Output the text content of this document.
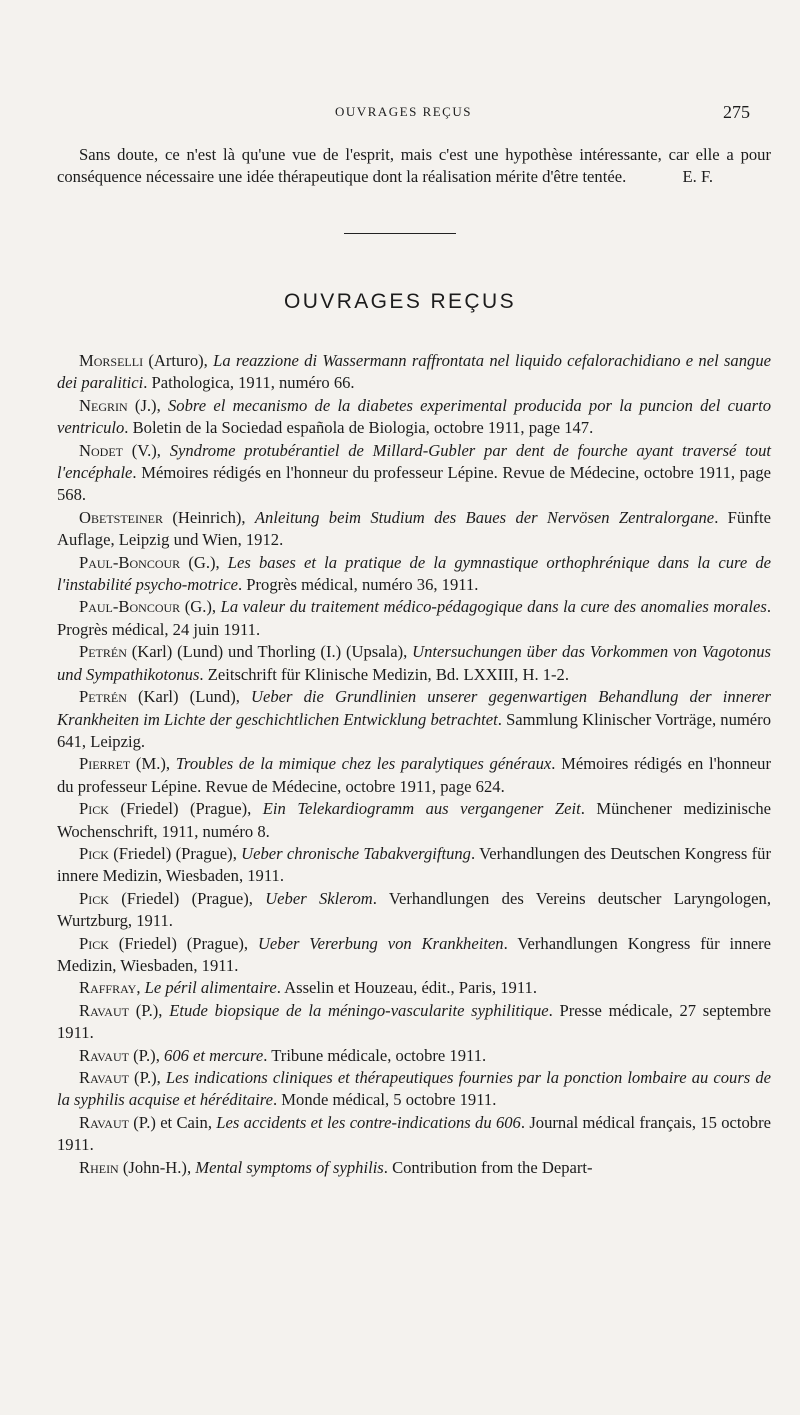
OUVRAGES REÇUS	275
Sans doute, ce n'est là qu'une vue de l'esprit, mais c'est une hypothèse intéressante, car elle a pour conséquence nécessaire une idée thérapeutique dont la réalisation mérite d'être tentée.	E. F.
OUVRAGES REÇUS

Morselli (Arturo), La reazzione di Wassermann raffrontata nel liquido cefalorachidiano e nel sangue dei paralitici. Pathologica, 1911, numéro 66.

Negrin (J.), Sobre el mecanismo de la diabetes experimental producida por la puncion del cuarto ventriculo. Boletin de la Sociedad española de Biologia, octobre 1911, page 147.

Nodet (V.), Syndrome protubérantiel de Millard-Gubler par dent de fourche ayant traversé tout l'encéphale. Mémoires rédigés en l'honneur du professeur Lépine. Revue de Médecine, octobre 1911, page 568.

Obetsteiner (Heinrich), Anleitung beim Studium des Baues der Nervösen Zentralorgane. Fünfte Auflage, Leipzig und Wien, 1912.

Paul-Boncour (G.), Les bases et la pratique de la gymnastique orthophrénique dans la cure de l'instabilité psycho-motrice. Progrès médical, numéro 36, 1911.

Paul-Boncour (G.), La valeur du traitement médico-pédagogique dans la cure des anomalies morales. Progrès médical, 24 juin 1911.

Petrén (Karl) (Lund) und Thorling (I.) (Upsala), Untersuchungen über das Vorkommen von Vagotonus und Sympathikotonus. Zeitschrift für Klinische Medizin, Bd. LXXIII, H. 1-2.

Petrén (Karl) (Lund), Ueber die Grundlinien unserer gegenwartigen Behandlung der innerer Krankheiten im Lichte der geschichtlichen Entwicklung betrachtet. Sammlung Klinischer Vorträge, numéro 641, Leipzig.

Pierret (M.), Troubles de la mimique chez les paralytiques généraux. Mémoires rédigés en l'honneur du professeur Lépine. Revue de Médecine, octobre 1911, page 624.

Pick (Friedel) (Prague), Ein Telekardiogramm aus vergangener Zeit. Münchener medizinische Wochenschrift, 1911, numéro 8.

Pick (Friedel) (Prague), Ueber chronische Tabakvergiftung. Verhandlungen des Deutschen Kongress für innere Medizin, Wiesbaden, 1911.

Pick (Friedel) (Prague), Ueber Sklerom. Verhandlungen des Vereins deutscher Laryngologen, Wurtzburg, 1911.

Pick (Friedel) (Prague), Ueber Vererbung von Krankheiten. Verhandlungen Kongress für innere Medizin, Wiesbaden, 1911.

Raffray, Le péril alimentaire. Asselin et Houzeau, édit., Paris, 1911.

Ravaut (P.), Etude biopsique de la méningo-vascularite syphilitique. Presse médicale, 27 septembre 1911.

Ravaut (P.), 606 et mercure. Tribune médicale, octobre 1911.

Ravaut (P.), Les indications cliniques et thérapeutiques fournies par la ponction lombaire au cours de la syphilis acquise et héréditaire. Monde médical, 5 octobre 1911.

Ravaut (P.) et Cain, Les accidents et les contre-indications du 606. Journal médical français, 15 octobre 1911.

Rhein (John-H.), Mental symptoms of syphilis. Contribution from the Depart-
